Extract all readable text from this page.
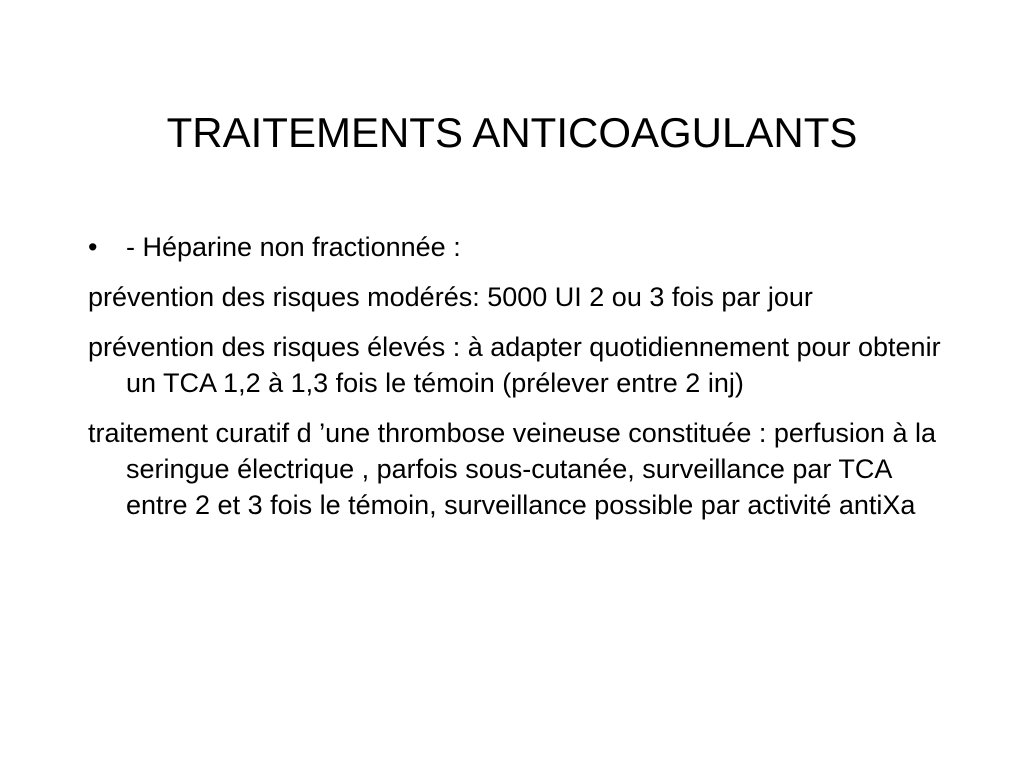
TRAITEMENTS ANTICOAGULANTS
• - Héparine non fractionnée :

prévention des risques modérés: 5000 UI 2 ou 3 fois par jour

prévention des risques élevés : à adapter quotidiennement pour obtenir un TCA 1,2 à 1,3 fois le témoin (prélever entre 2 inj)

traitement curatif d ’une thrombose veineuse constituée : perfusion à la seringue électrique , parfois sous-cutanée, surveillance par TCA entre 2 et 3 fois le témoin, surveillance possible par activité antiXa
